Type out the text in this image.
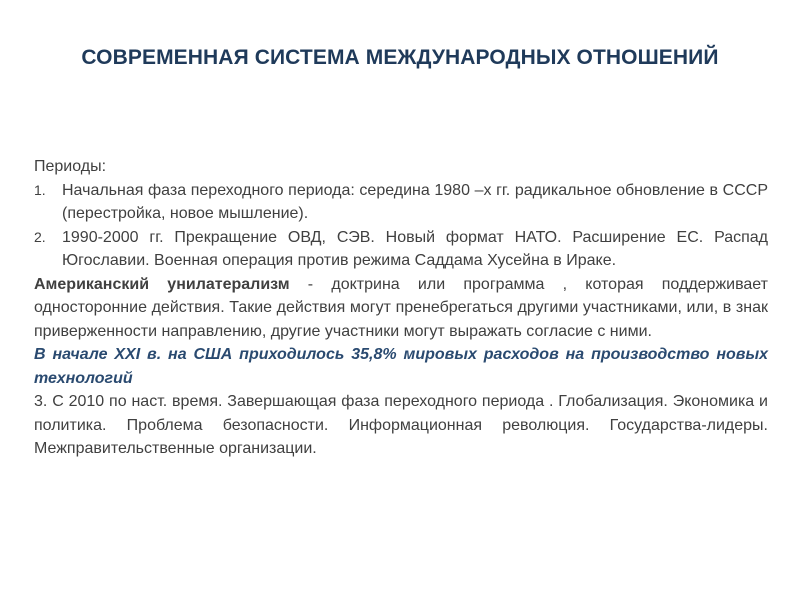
СОВРЕМЕННАЯ СИСТЕМА МЕЖДУНАРОДНЫХ ОТНОШЕНИЙ

Периоды:

1. Начальная фаза переходного периода: середина 1980 –х гг. радикальное обновление в СССР (перестройка, новое мышление).
2. 1990-2000 гг. Прекращение ОВД, СЭВ. Новый формат НАТО. Расширение ЕС. Распад Югославии. Военная операция против режима Саддама Хусейна в Ираке.

Американский унилатерализм - доктрина или программа , которая поддерживает односторонние действия. Такие действия могут пренебрегаться другими участниками, или, в знак приверженности направлению, другие участники могут выражать согласие с ними.

В начале XXI в. на США приходилось 35,8% мировых расходов на производство новых технологий

3. С 2010 по наст. время. Завершающая фаза переходного периода . Глобализация. Экономика и политика. Проблема безопасности. Информационная революция. Государства-лидеры. Межправительственные организации.
